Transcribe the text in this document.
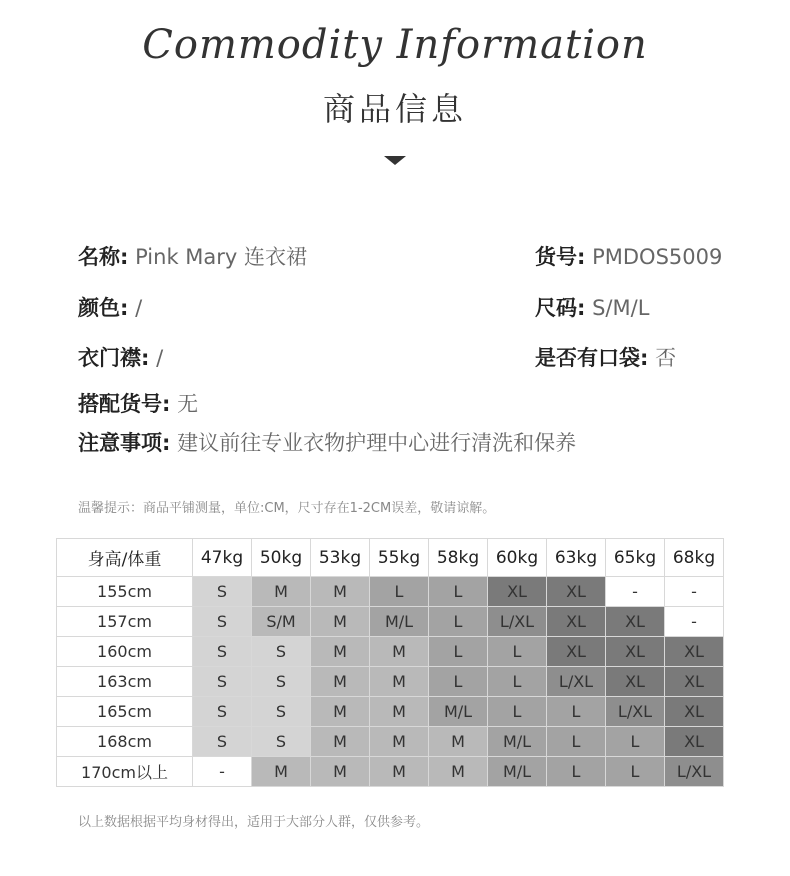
Commodity Information
商品信息
名称: Pink Mary 连衣裙	货号: PMDOS5009
颜色: /	尺码: S/M/L
衣门襟: /	是否有口袋: 否
搭配货号: 无
注意事项: 建议前往专业衣物护理中心进行清洗和保养
温馨提示：商品平铺测量，单位:CM，尺寸存在1-2CM误差，敬请谅解。
身高/体重	47kg	50kg	53kg	55kg	58kg	60kg	63kg	65kg	68kg
155cm	S	M	M	L	L	XL	XL	-	-
157cm	S	S/M	M	M/L	L	L/XL	XL	XL	-
160cm	S	S	M	M	L	L	XL	XL	XL
163cm	S	S	M	M	L	L	L/XL	XL	XL
165cm	S	S	M	M	M/L	L	L	L/XL	XL
168cm	S	S	M	M	M	M/L	L	L	XL
170cm以上	-	M	M	M	M	M/L	L	L	L/XL
以上数据根据平均身材得出，适用于大部分人群，仅供参考。
